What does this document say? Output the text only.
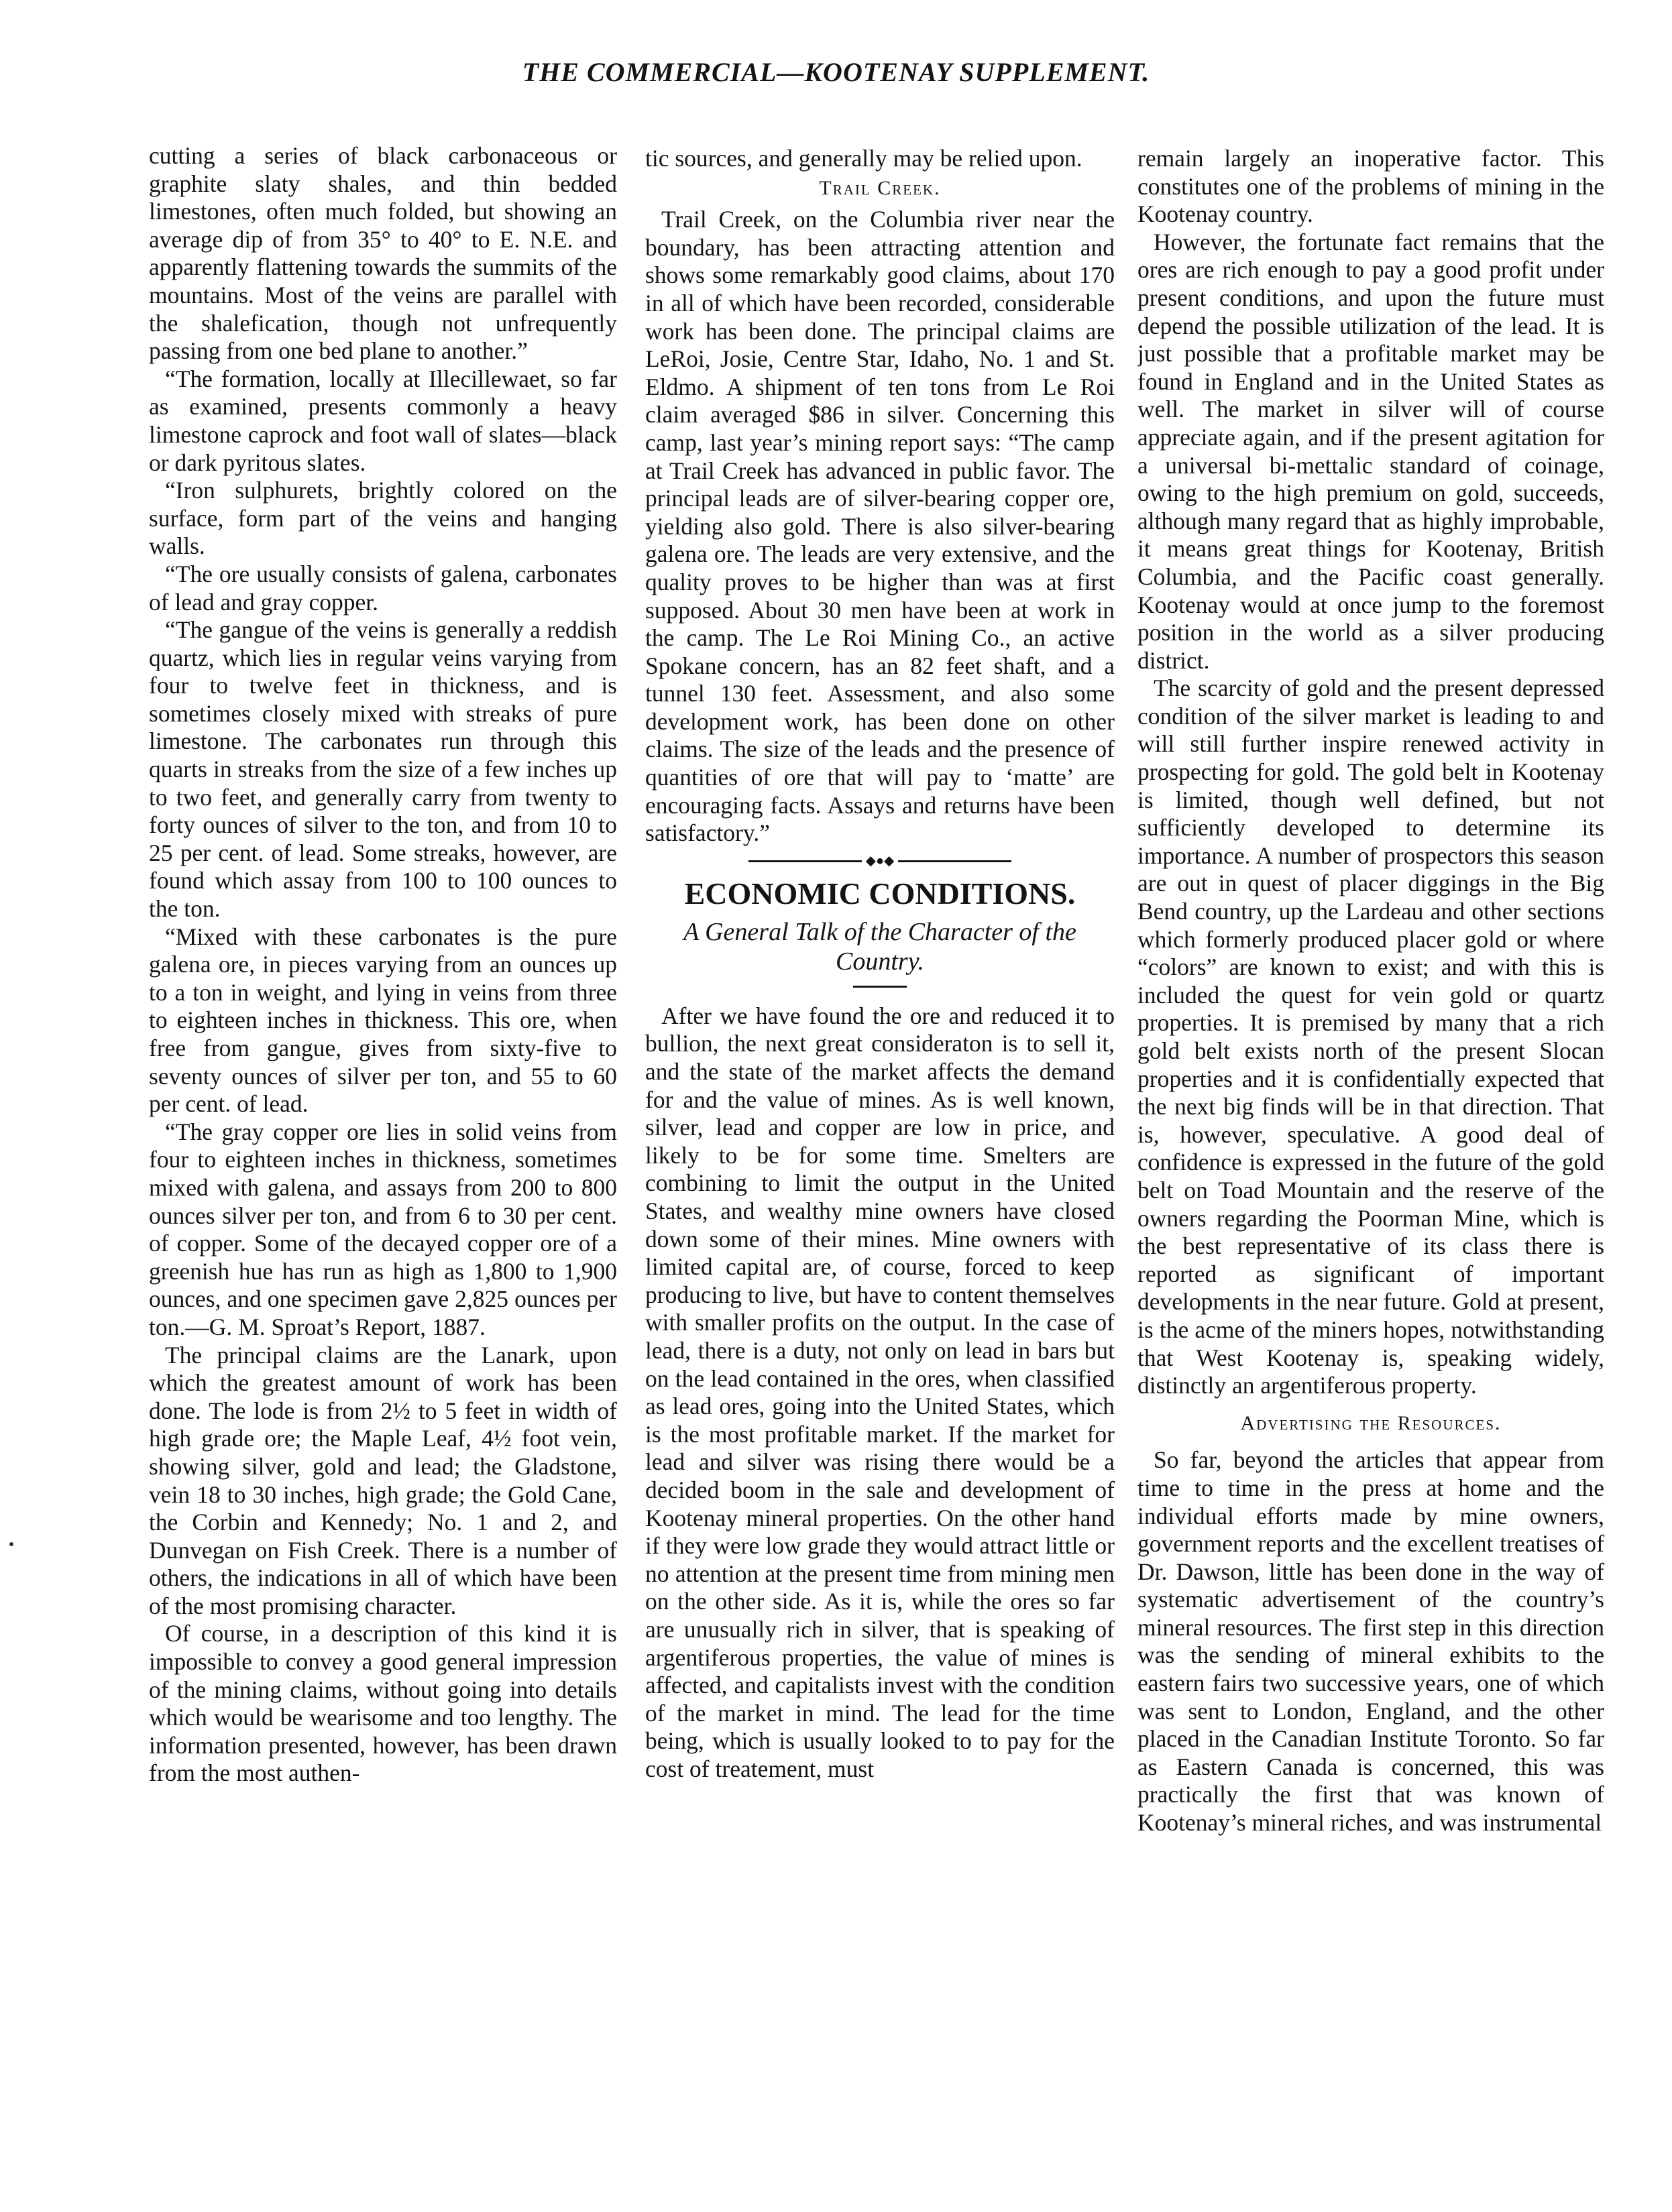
THE COMMERCIAL—KOOTENAY SUPPLEMENT.

cutting a series of black carbonaceous or graphite slaty shales, and thin bedded limestones, often much folded, but showing an average dip of from 35° to 40° to E. N.E. and apparently flattening towards the summits of the mountains. Most of the veins are parallel with the shalefication, though not unfrequently passing from one bed plane to another.”

“The formation, locally at Illecillewaet, so far as examined, presents commonly a heavy limestone caprock and foot wall of slates—black or dark pyritous slates.

“Iron sulphurets, brightly colored on the surface, form part of the veins and hanging walls.

“The ore usually consists of galena, carbonates of lead and gray copper.

“The gangue of the veins is generally a reddish quartz, which lies in regular veins varying from four to twelve feet in thickness, and is sometimes closely mixed with streaks of pure limestone. The carbonates run through this quarts in streaks from the size of a few inches up to two feet, and generally carry from twenty to forty ounces of silver to the ton, and from 10 to 25 per cent. of lead. Some streaks, however, are found which assay from 100 to 100 ounces to the ton.

“Mixed with these carbonates is the pure galena ore, in pieces varying from an ounces up to a ton in weight, and lying in veins from three to eighteen inches in thickness. This ore, when free from gangue, gives from sixty-five to seventy ounces of silver per ton, and 55 to 60 per cent. of lead.

“The gray copper ore lies in solid veins from four to eighteen inches in thickness, sometimes mixed with galena, and assays from 200 to 800 ounces silver per ton, and from 6 to 30 per cent. of copper. Some of the decayed copper ore of a greenish hue has run as high as 1,800 to 1,900 ounces, and one specimen gave 2,825 ounces per ton.—G. M. Sproat’s Report, 1887.

The principal claims are the Lanark, upon which the greatest amount of work has been done. The lode is from 2½ to 5 feet in width of high grade ore; the Maple Leaf, 4½ foot vein, showing silver, gold and lead; the Gladstone, vein 18 to 30 inches, high grade; the Gold Cane, the Corbin and Kennedy; No. 1 and 2, and Dunvegan on Fish Creek. There is a number of others, the indications in all of which have been of the most promising character.

Of course, in a description of this kind it is impossible to convey a good general impression of the mining claims, without going into details which would be wearisome and too lengthy. The information presented, however, has been drawn from the most authen-

tic sources, and generally may be relied upon.

Trail Creek.

Trail Creek, on the Columbia river near the boundary, has been attracting attention and shows some remarkably good claims, about 170 in all of which have been recorded, considerable work has been done. The principal claims are LeRoi, Josie, Centre Star, Idaho, No. 1 and St. Eldmo. A shipment of ten tons from Le Roi claim averaged $86 in silver. Concerning this camp, last year’s mining report says: “The camp at Trail Creek has advanced in public favor. The principal leads are of silver-bearing copper ore, yielding also gold. There is also silver-bearing galena ore. The leads are very extensive, and the quality proves to be higher than was at first supposed. About 30 men have been at work in the camp. The Le Roi Mining Co., an active Spokane concern, has an 82 feet shaft, and a tunnel 130 feet. Assessment, and also some development work, has been done on other claims. The size of the leads and the presence of quantities of ore that will pay to ‘matte’ are encouraging facts. Assays and returns have been satisfactory.”

◆●◆
ECONOMIC CONDITIONS.
A General Talk of the Character of the Country.

After we have found the ore and reduced it to bullion, the next great consideraton is to sell it, and the state of the market affects the demand for and the value of mines. As is well known, silver, lead and copper are low in price, and likely to be for some time. Smelters are combining to limit the output in the United States, and wealthy mine owners have closed down some of their mines. Mine owners with limited capital are, of course, forced to keep producing to live, but have to content themselves with smaller profits on the output. In the case of lead, there is a duty, not only on lead in bars but on the lead contained in the ores, when classified as lead ores, going into the United States, which is the most profitable market. If the market for lead and silver was rising there would be a decided boom in the sale and development of Kootenay mineral properties. On the other hand if they were low grade they would attract little or no attention at the present time from mining men on the other side. As it is, while the ores so far are unusually rich in silver, that is speaking of argentiferous properties, the value of mines is affected, and capitalists invest with the condition of the market in mind. The lead for the time being, which is usually looked to to pay for the cost of treatement, must

remain largely an inoperative factor. This constitutes one of the problems of mining in the Kootenay country.

However, the fortunate fact remains that the ores are rich enough to pay a good profit under present conditions, and upon the future must depend the possible utilization of the lead. It is just possible that a profitable market may be found in England and in the United States as well. The market in silver will of course appreciate again, and if the present agitation for a universal bi-mettalic standard of coinage, owing to the high premium on gold, succeeds, although many regard that as highly improbable, it means great things for Kootenay, British Columbia, and the Pacific coast generally. Kootenay would at once jump to the foremost position in the world as a silver producing district.

The scarcity of gold and the present depressed condition of the silver market is leading to and will still further inspire renewed activity in prospecting for gold. The gold belt in Kootenay is limited, though well defined, but not sufficiently developed to determine its importance. A number of prospectors this season are out in quest of placer diggings in the Big Bend country, up the Lardeau and other sections which formerly produced placer gold or where “colors” are known to exist; and with this is included the quest for vein gold or quartz properties. It is premised by many that a rich gold belt exists north of the present Slocan properties and it is confidentially expected that the next big finds will be in that direction. That is, however, speculative. A good deal of confidence is expressed in the future of the gold belt on Toad Mountain and the reserve of the owners regarding the Poorman Mine, which is the best representative of its class there is reported as significant of important developments in the near future. Gold at present, is the acme of the miners hopes, notwithstanding that West Kootenay is, speaking widely, distinctly an argentiferous property.

Advertising the Resources.

So far, beyond the articles that appear from time to time in the press at home and the individual efforts made by mine owners, government reports and the excellent treatises of Dr. Dawson, little has been done in the way of systematic advertisement of the country’s mineral resources. The first step in this direction was the sending of mineral exhibits to the eastern fairs two successive years, one of which was sent to London, England, and the other placed in the Canadian Institute Toronto. So far as Eastern Canada is concerned, this was practically the first that was known of Kootenay’s mineral riches, and was instrumental
